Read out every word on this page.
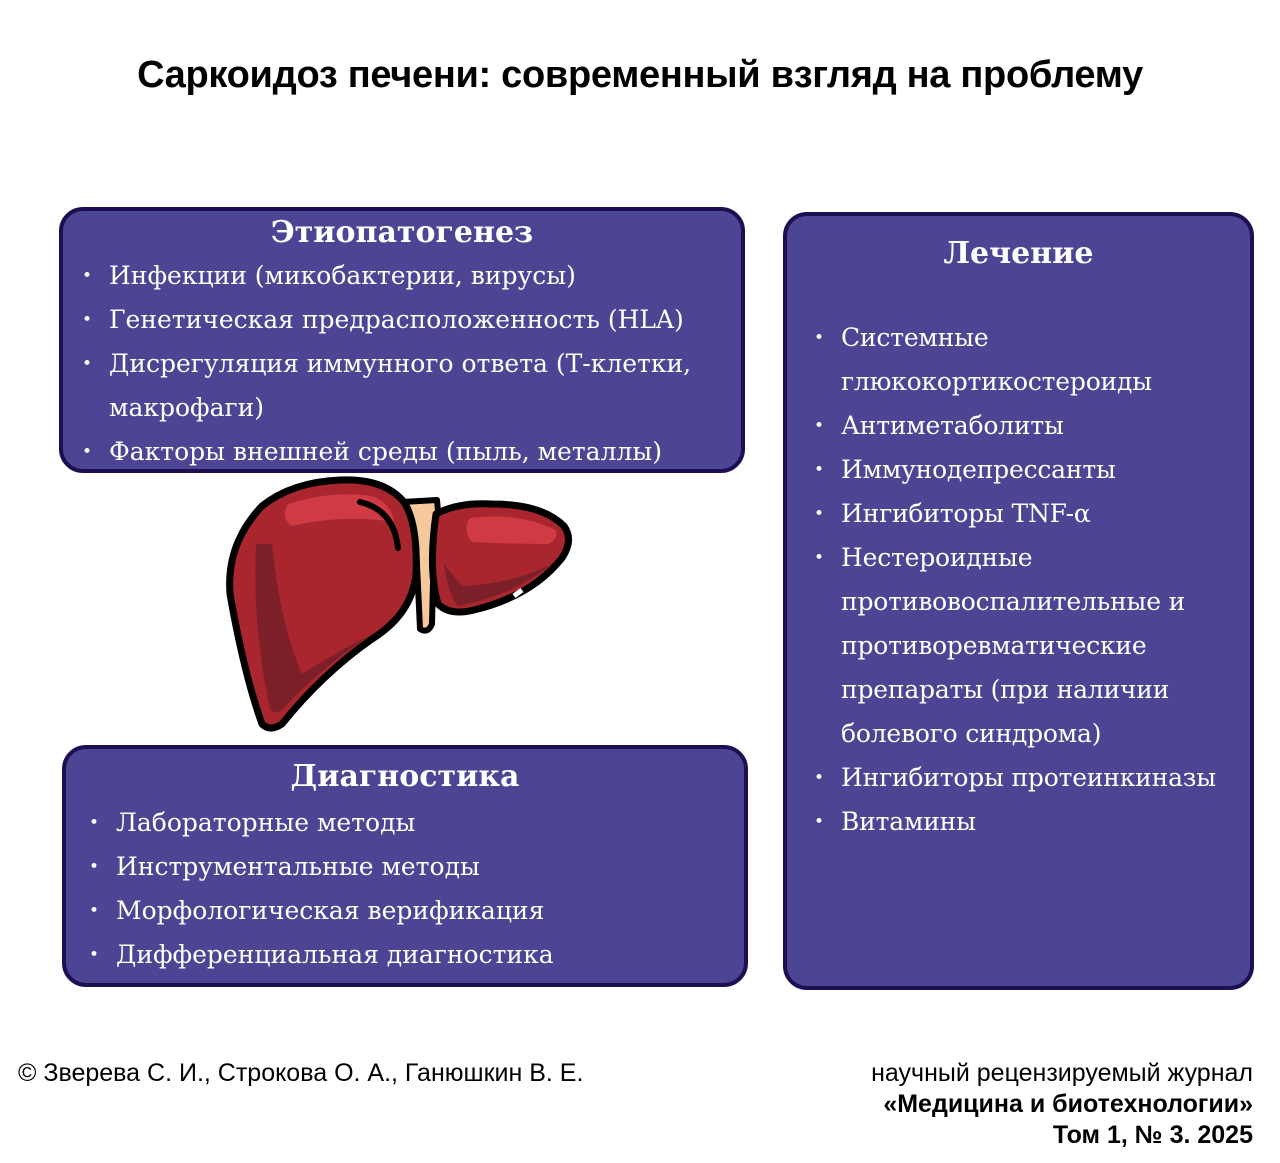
Саркоидоз печени: современный взгляд на проблему
Этиопатогенез
• Инфекции (микобактерии, вирусы)
• Генетическая предрасположенность (HLA)
• Дисрегуляция иммунного ответа (Т-клетки, макрофаги)
• Факторы внешней среды (пыль, металлы)
Диагностика
• Лабораторные методы
• Инструментальные методы
• Морфологическая верификация
• Дифференциальная диагностика
Лечение
• Системные глюкокортикостероиды
• Антиметаболиты
• Иммунодепрессанты
• Ингибиторы TNF-α
• Нестероидные противовоспалительные и противоревматические препараты (при наличии болевого синдрома)
• Ингибиторы протеинкиназы
• Витамины
© Зверева С. И., Строкова О. А., Ганюшкин В. Е.	научный рецензируемый журнал
«Медицина и биотехнологии»
Том 1, № 3. 2025
